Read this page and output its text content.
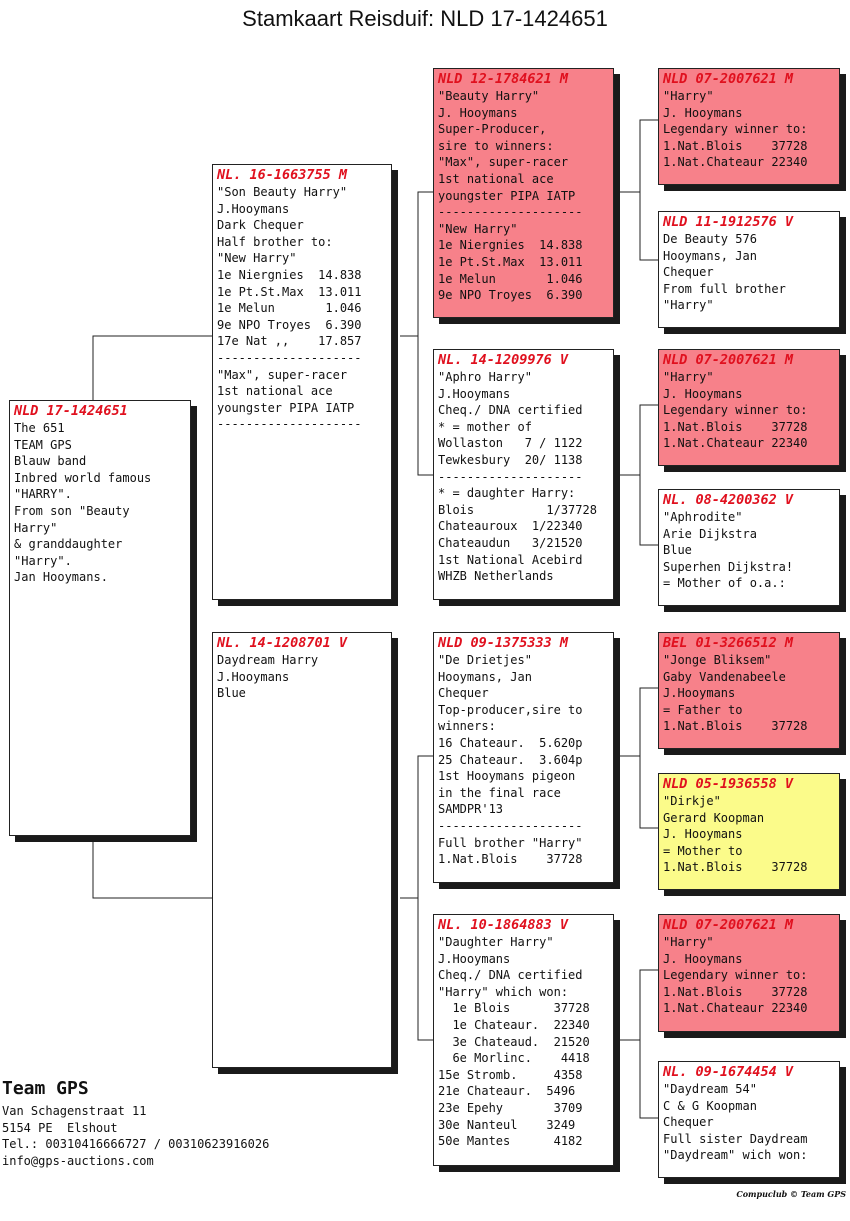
Stamkaart Reisduif: NLD 17-1424651
NLD 17-1424651
The 651
TEAM GPS
Blauw band
Inbred world famous
"HARRY".
From son "Beauty
Harry"
& granddaughter
"Harry".
Jan Hooymans.
NL. 16-1663755 M
"Son Beauty Harry"
J.Hooymans
Dark Chequer
Half brother to:
"New Harry"
1e Niergnies  14.838
1e Pt.St.Max  13.011
1e Melun       1.046
9e NPO Troyes  6.390
17e Nat ,,    17.857
--------------------
"Max", super-racer
1st national ace
youngster PIPA IATP
--------------------
NL. 14-1208701 V
Daydream Harry
J.Hooymans
Blue
NLD 12-1784621 M
"Beauty Harry"
J. Hooymans
Super-Producer,
sire to winners:
"Max", super-racer
1st national ace
youngster PIPA IATP
--------------------
"New Harry"
1e Niergnies  14.838
1e Pt.St.Max  13.011
1e Melun       1.046
9e NPO Troyes  6.390
NL. 14-1209976 V
"Aphro Harry"
J.Hooymans
Cheq./ DNA certified
* = mother of
Wollaston   7 / 1122
Tewkesbury  20/ 1138
--------------------
* = daughter Harry:
Blois          1/37728
Chateauroux  1/22340
Chateaudun   3/21520
1st National Acebird
WHZB Netherlands
NLD 09-1375333 M
"De Drietjes"
Hooymans, Jan
Chequer
Top-producer,sire to
winners:
16 Chateaur.  5.620p
25 Chateaur.  3.604p
1st Hooymans pigeon
in the final race
SAMDPR'13
--------------------
Full brother "Harry"
1.Nat.Blois    37728
NL. 10-1864883 V
"Daughter Harry"
J.Hooymans
Cheq./ DNA certified
"Harry" which won:
1e Blois      37728
1e Chateaur.  22340
3e Chateaud.  21520
6e Morlinc.    4418
15e Stromb.     4358
21e Chateaur.  5496
23e Epehy       3709
30e Nanteul    3249
50e Mantes      4182
NLD 07-2007621 M
"Harry"
J. Hooymans
Legendary winner to:
1.Nat.Blois    37728
1.Nat.Chateaur 22340
NLD 11-1912576 V
De Beauty 576
Hooymans, Jan
Chequer
From full brother
"Harry"
NLD 07-2007621 M
"Harry"
J. Hooymans
Legendary winner to:
1.Nat.Blois    37728
1.Nat.Chateaur 22340
NL. 08-4200362 V
"Aphrodite"
Arie Dijkstra
Blue
Superhen Dijkstra!
= Mother of o.a.:
BEL 01-3266512 M
"Jonge Bliksem"
Gaby Vandenabeele
J.Hooymans
= Father to
1.Nat.Blois    37728
NLD 05-1936558 V
"Dirkje"
Gerard Koopman
J. Hooymans
= Mother to
1.Nat.Blois    37728
NLD 07-2007621 M
"Harry"
J. Hooymans
Legendary winner to:
1.Nat.Blois    37728
1.Nat.Chateaur 22340
NL. 09-1674454 V
"Daydream 54"
C & G Koopman
Chequer
Full sister Daydream
"Daydream" wich won:
Team GPS
Van Schagenstraat 11
5154 PE  Elshout
Tel.: 00310416666727 / 00310623916026
info@gps-auctions.com
Compuclub © Team GPS
